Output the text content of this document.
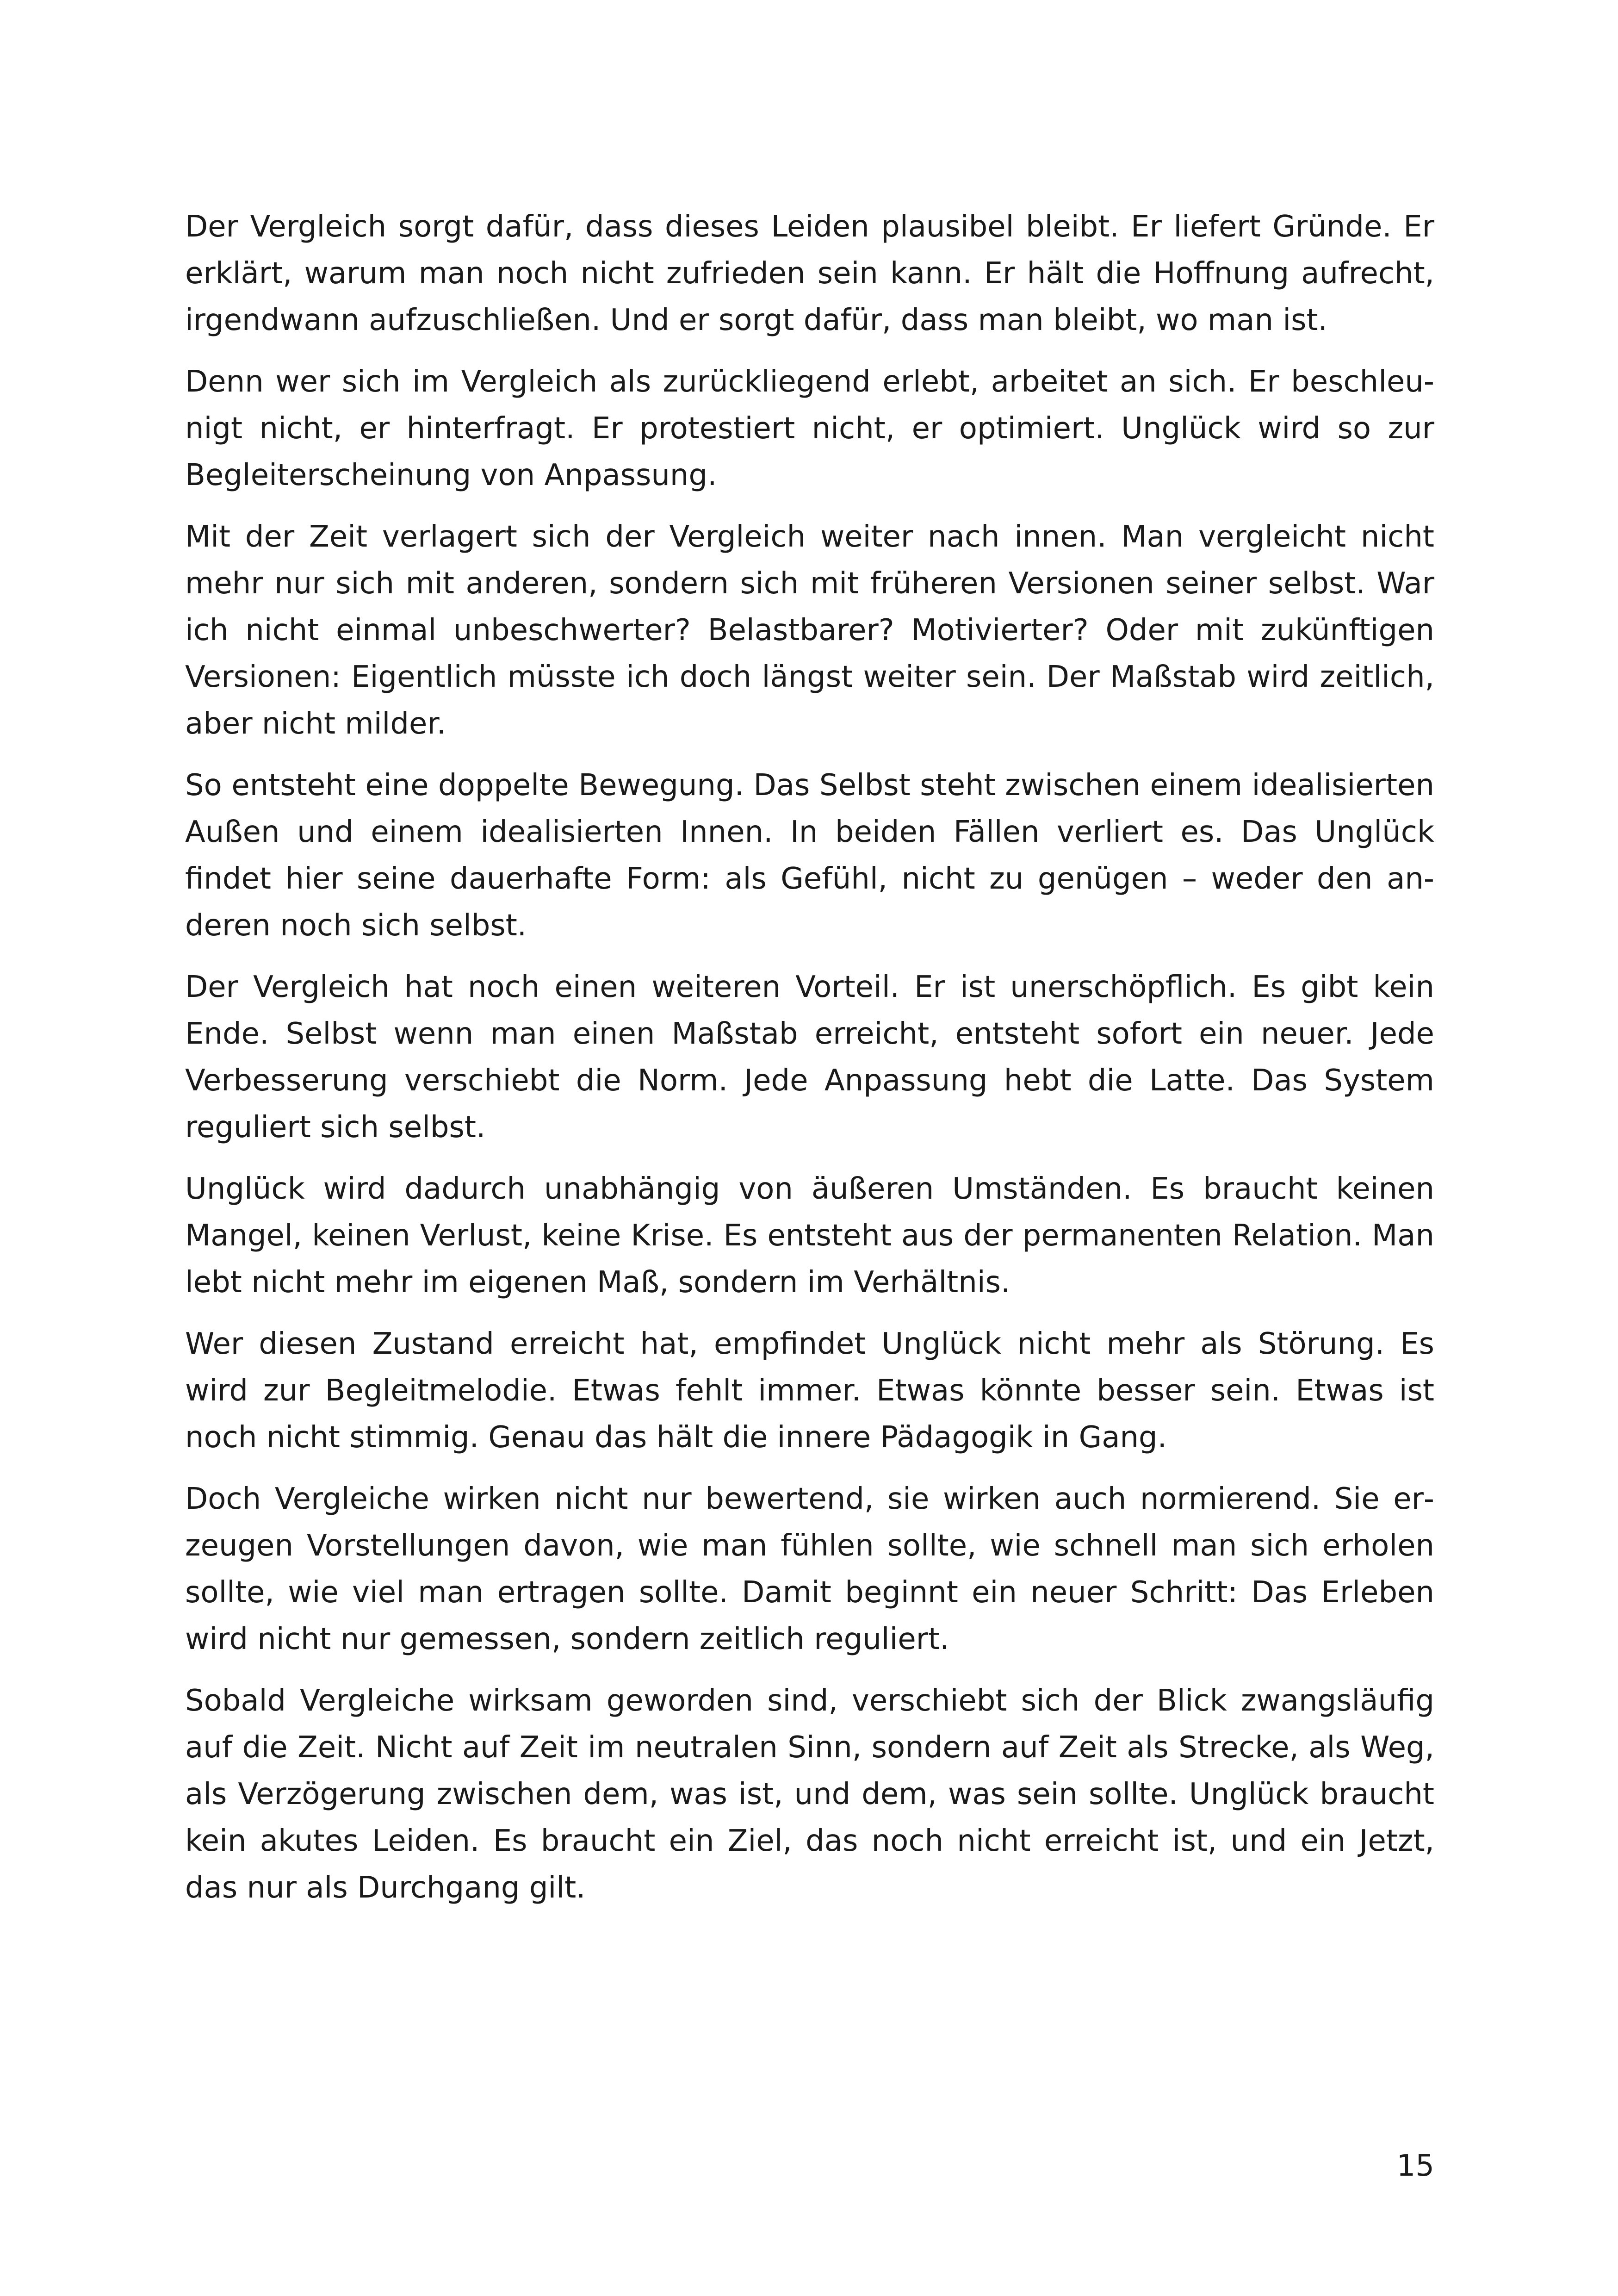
Der Vergleich sorgt dafür, dass dieses Leiden plausibel bleibt. Er liefert Gründe. Er erklärt, warum man noch nicht zufrieden sein kann. Er hält die Hoffnung aufrecht, irgendwann aufzuschließen. Und er sorgt dafür, dass man bleibt, wo man ist.

Denn wer sich im Vergleich als zurückliegend erlebt, arbeitet an sich. Er beschleunigt nicht, er hinterfragt. Er protestiert nicht, er optimiert. Unglück wird so zur Begleiterscheinung von Anpassung.

Mit der Zeit verlagert sich der Vergleich weiter nach innen. Man vergleicht nicht mehr nur sich mit anderen, sondern sich mit früheren Versionen seiner selbst. War ich nicht einmal unbeschwerter? Belastbarer? Motivierter? Oder mit zukünftigen Versionen: Eigentlich müsste ich doch längst weiter sein. Der Maßstab wird zeitlich, aber nicht milder.

So entsteht eine doppelte Bewegung. Das Selbst steht zwischen einem idealisierten Außen und einem idealisierten Innen. In beiden Fällen verliert es. Das Unglück findet hier seine dauerhafte Form: als Gefühl, nicht zu genügen – weder den anderen noch sich selbst.

Der Vergleich hat noch einen weiteren Vorteil. Er ist unerschöpflich. Es gibt kein Ende. Selbst wenn man einen Maßstab erreicht, entsteht sofort ein neuer. Jede Verbesserung verschiebt die Norm. Jede Anpassung hebt die Latte. Das System reguliert sich selbst.

Unglück wird dadurch unabhängig von äußeren Umständen. Es braucht keinen Mangel, keinen Verlust, keine Krise. Es entsteht aus der permanenten Relation. Man lebt nicht mehr im eigenen Maß, sondern im Verhältnis.

Wer diesen Zustand erreicht hat, empfindet Unglück nicht mehr als Störung. Es wird zur Begleitmelodie. Etwas fehlt immer. Etwas könnte besser sein. Etwas ist noch nicht stimmig. Genau das hält die innere Pädagogik in Gang.

Doch Vergleiche wirken nicht nur bewertend, sie wirken auch normierend. Sie erzeugen Vorstellungen davon, wie man fühlen sollte, wie schnell man sich erholen sollte, wie viel man ertragen sollte. Damit beginnt ein neuer Schritt: Das Erleben wird nicht nur gemessen, sondern zeitlich reguliert.

Sobald Vergleiche wirksam geworden sind, verschiebt sich der Blick zwangsläufig auf die Zeit. Nicht auf Zeit im neutralen Sinn, sondern auf Zeit als Strecke, als Weg, als Verzögerung zwischen dem, was ist, und dem, was sein sollte. Unglück braucht kein akutes Leiden. Es braucht ein Ziel, das noch nicht erreicht ist, und ein Jetzt, das nur als Durchgang gilt.

15
